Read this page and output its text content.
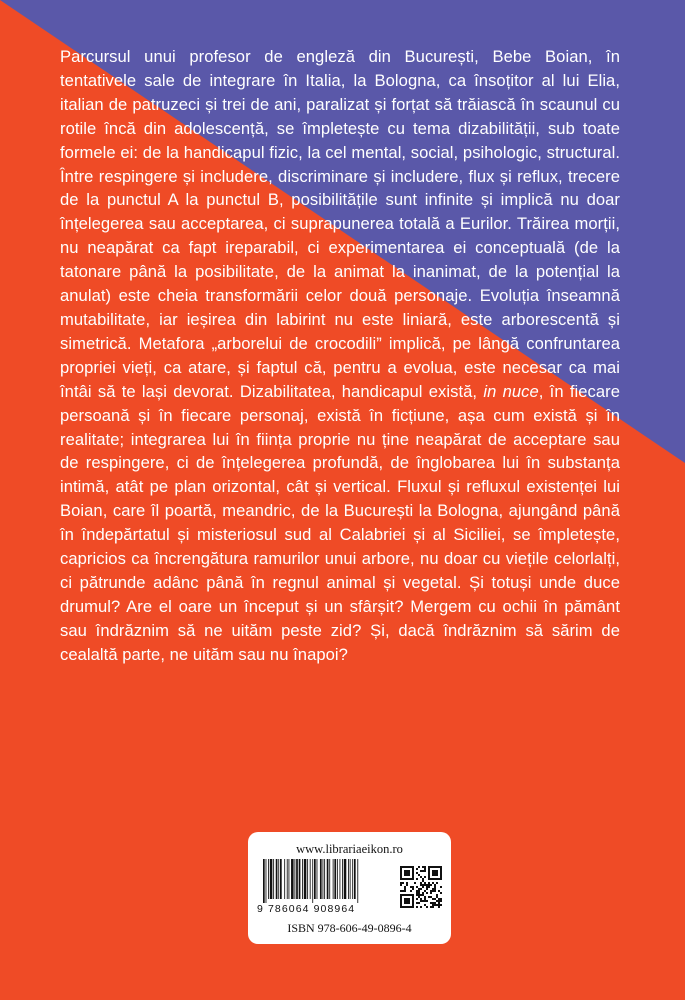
Parcursul unui profesor de engleză din București, Bebe Boian, în tentativele sale de integrare în Italia, la Bologna, ca însoțitor al lui Elia, italian de patruzeci și trei de ani, paralizat și forțat să trăiască în scaunul cu rotile încă din adolescență, se împletește cu tema dizabilității, sub toate formele ei: de la handicapul fizic, la cel mental, social, psihologic, structural. Între respingere și includere, discriminare și includere, flux și reflux, trecere de la punctul A la punctul B, posibilitățile sunt infinite și implică nu doar înțelegerea sau acceptarea, ci suprapunerea totală a Eurilor. Trăirea morții, nu neapărat ca fapt ireparabil, ci experimentarea ei conceptuală (de la tatonare până la posibilitate, de la animat la inanimat, de la potențial la anulat) este cheia transformării celor două personaje. Evoluția înseamnă mutabilitate, iar ieșirea din labirint nu este liniară, este arborescentă și simetrică. Metafora „arborelui de crocodili” implică, pe lângă confruntarea propriei vieți, ca atare, și faptul că, pentru a evolua, este necesar ca mai întâi să te lași devorat. Dizabilitatea, handicapul există, in nuce, în fiecare persoană și în fiecare personaj, există în ficțiune, așa cum există și în realitate; integrarea lui în ființa proprie nu ține neapărat de acceptare sau de respingere, ci de înțelegerea profundă, de înglobarea lui în substanța intimă, atât pe plan orizontal, cât și vertical. Fluxul și refluxul existenței lui Boian, care îl poartă, meandric, de la București la Bologna, ajungând până în îndepărtatul și misteriosul sud al Calabriei și al Siciliei, se împletește, capricios ca încrengătura ramurilor unui arbore, nu doar cu viețile celorlalți, ci pătrunde adânc până în regnul animal și vegetal. Și totuși unde duce drumul? Are el oare un început și un sfârșit? Mergem cu ochii în pământ sau îndrăznim să ne uităm peste zid? Și, dacă îndrăznim să sărim de cealaltă parte, ne uităm sau nu înapoi?

www.librariaeikon.ro
9 786064 908964
ISBN 978-606-49-0896-4
